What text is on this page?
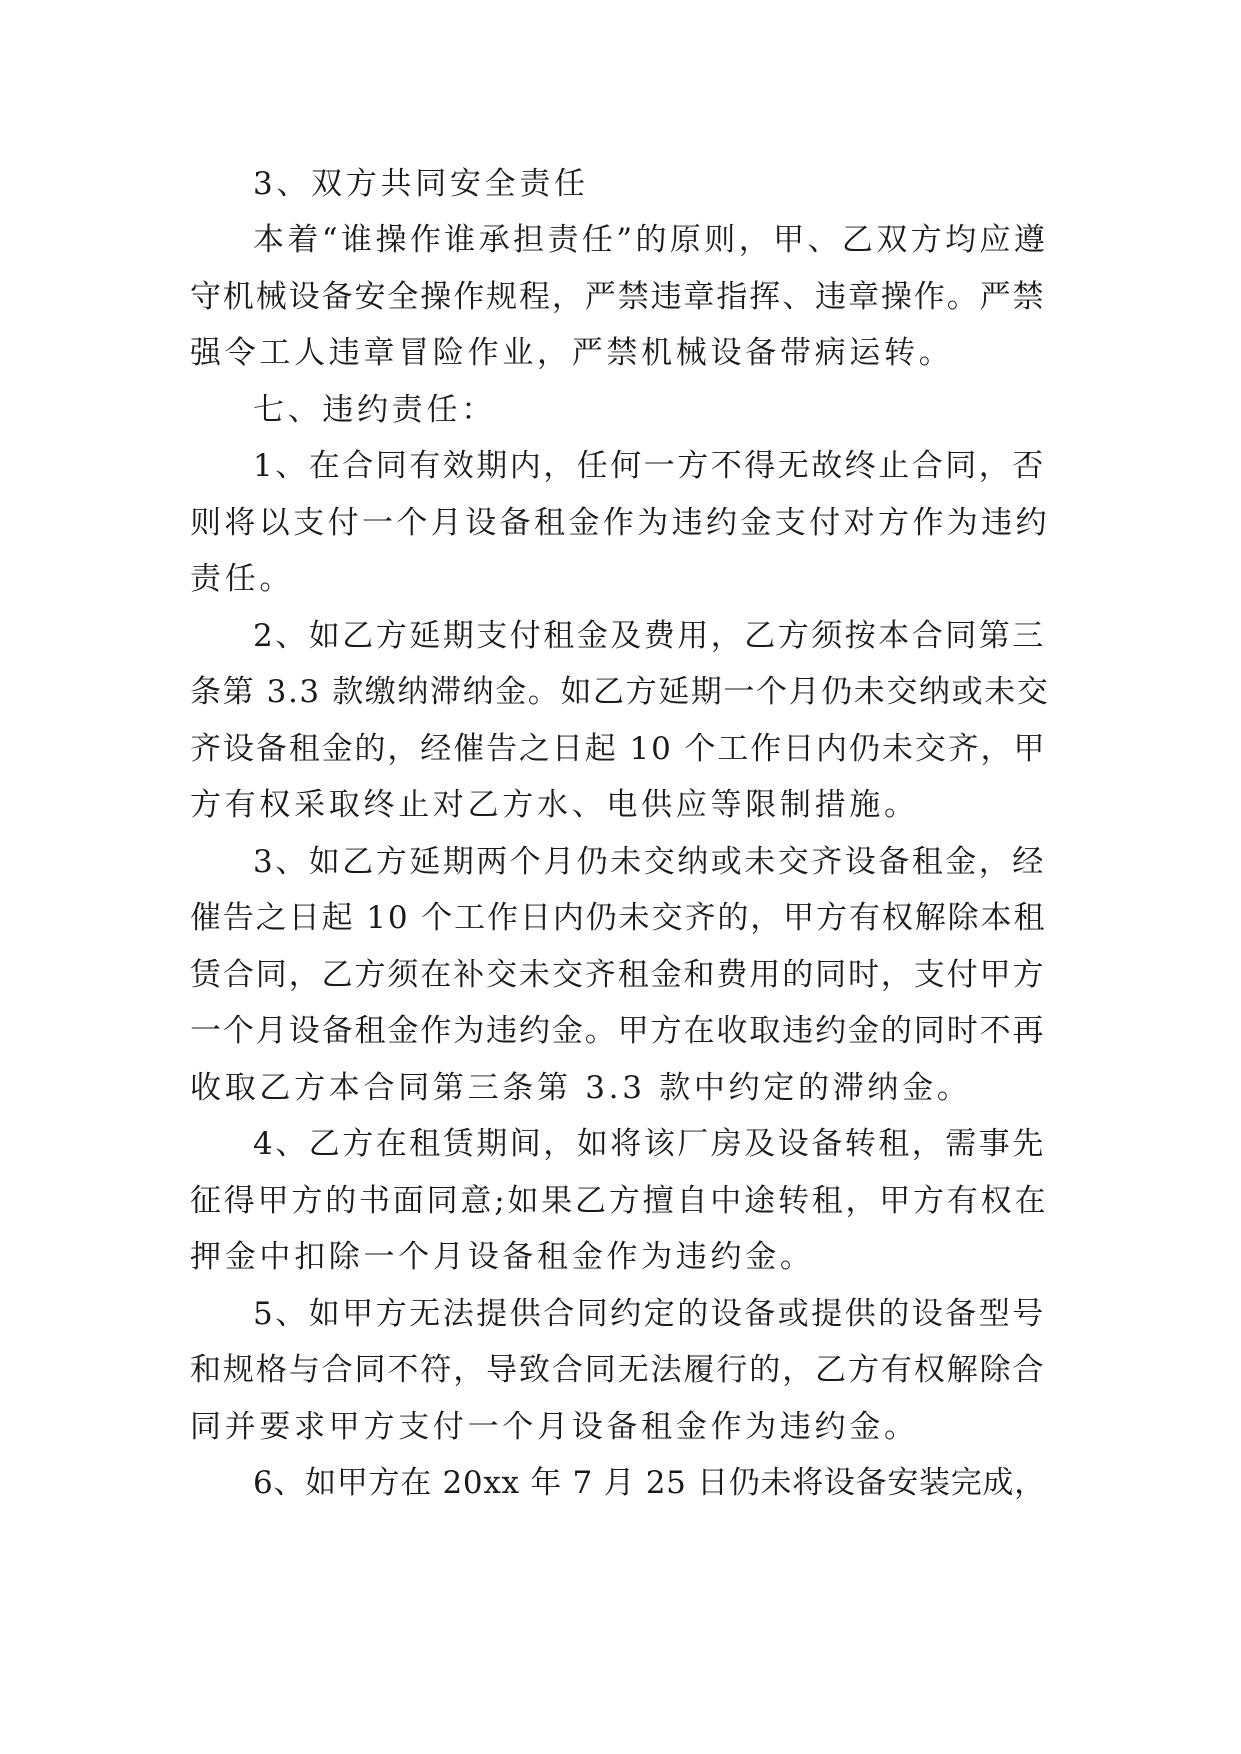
3、双方共同安全责任
本着“谁操作谁承担责任”的原则，甲、乙双方均应遵
守机械设备安全操作规程，严禁违章指挥、违章操作。严禁
强令工人违章冒险作业，严禁机械设备带病运转。
七、违约责任：
1、在合同有效期内，任何一方不得无故终止合同，否
则将以支付一个月设备租金作为违约金支付对方作为违约
责任。
2、如乙方延期支付租金及费用，乙方须按本合同第三
条第 3.3 款缴纳滞纳金。如乙方延期一个月仍未交纳或未交
齐设备租金的，经催告之日起 10 个工作日内仍未交齐，甲
方有权采取终止对乙方水、电供应等限制措施。
3、如乙方延期两个月仍未交纳或未交齐设备租金，经
催告之日起 10 个工作日内仍未交齐的，甲方有权解除本租
赁合同，乙方须在补交未交齐租金和费用的同时，支付甲方
一个月设备租金作为违约金。甲方在收取违约金的同时不再
收取乙方本合同第三条第 3.3 款中约定的滞纳金。
4、乙方在租赁期间，如将该厂房及设备转租，需事先
征得甲方的书面同意;如果乙方擅自中途转租，甲方有权在
押金中扣除一个月设备租金作为违约金。
5、如甲方无法提供合同约定的设备或提供的设备型号
和规格与合同不符，导致合同无法履行的，乙方有权解除合
同并要求甲方支付一个月设备租金作为违约金。
6、如甲方在 20xx 年 7 月 25 日仍未将设备安装完成，
